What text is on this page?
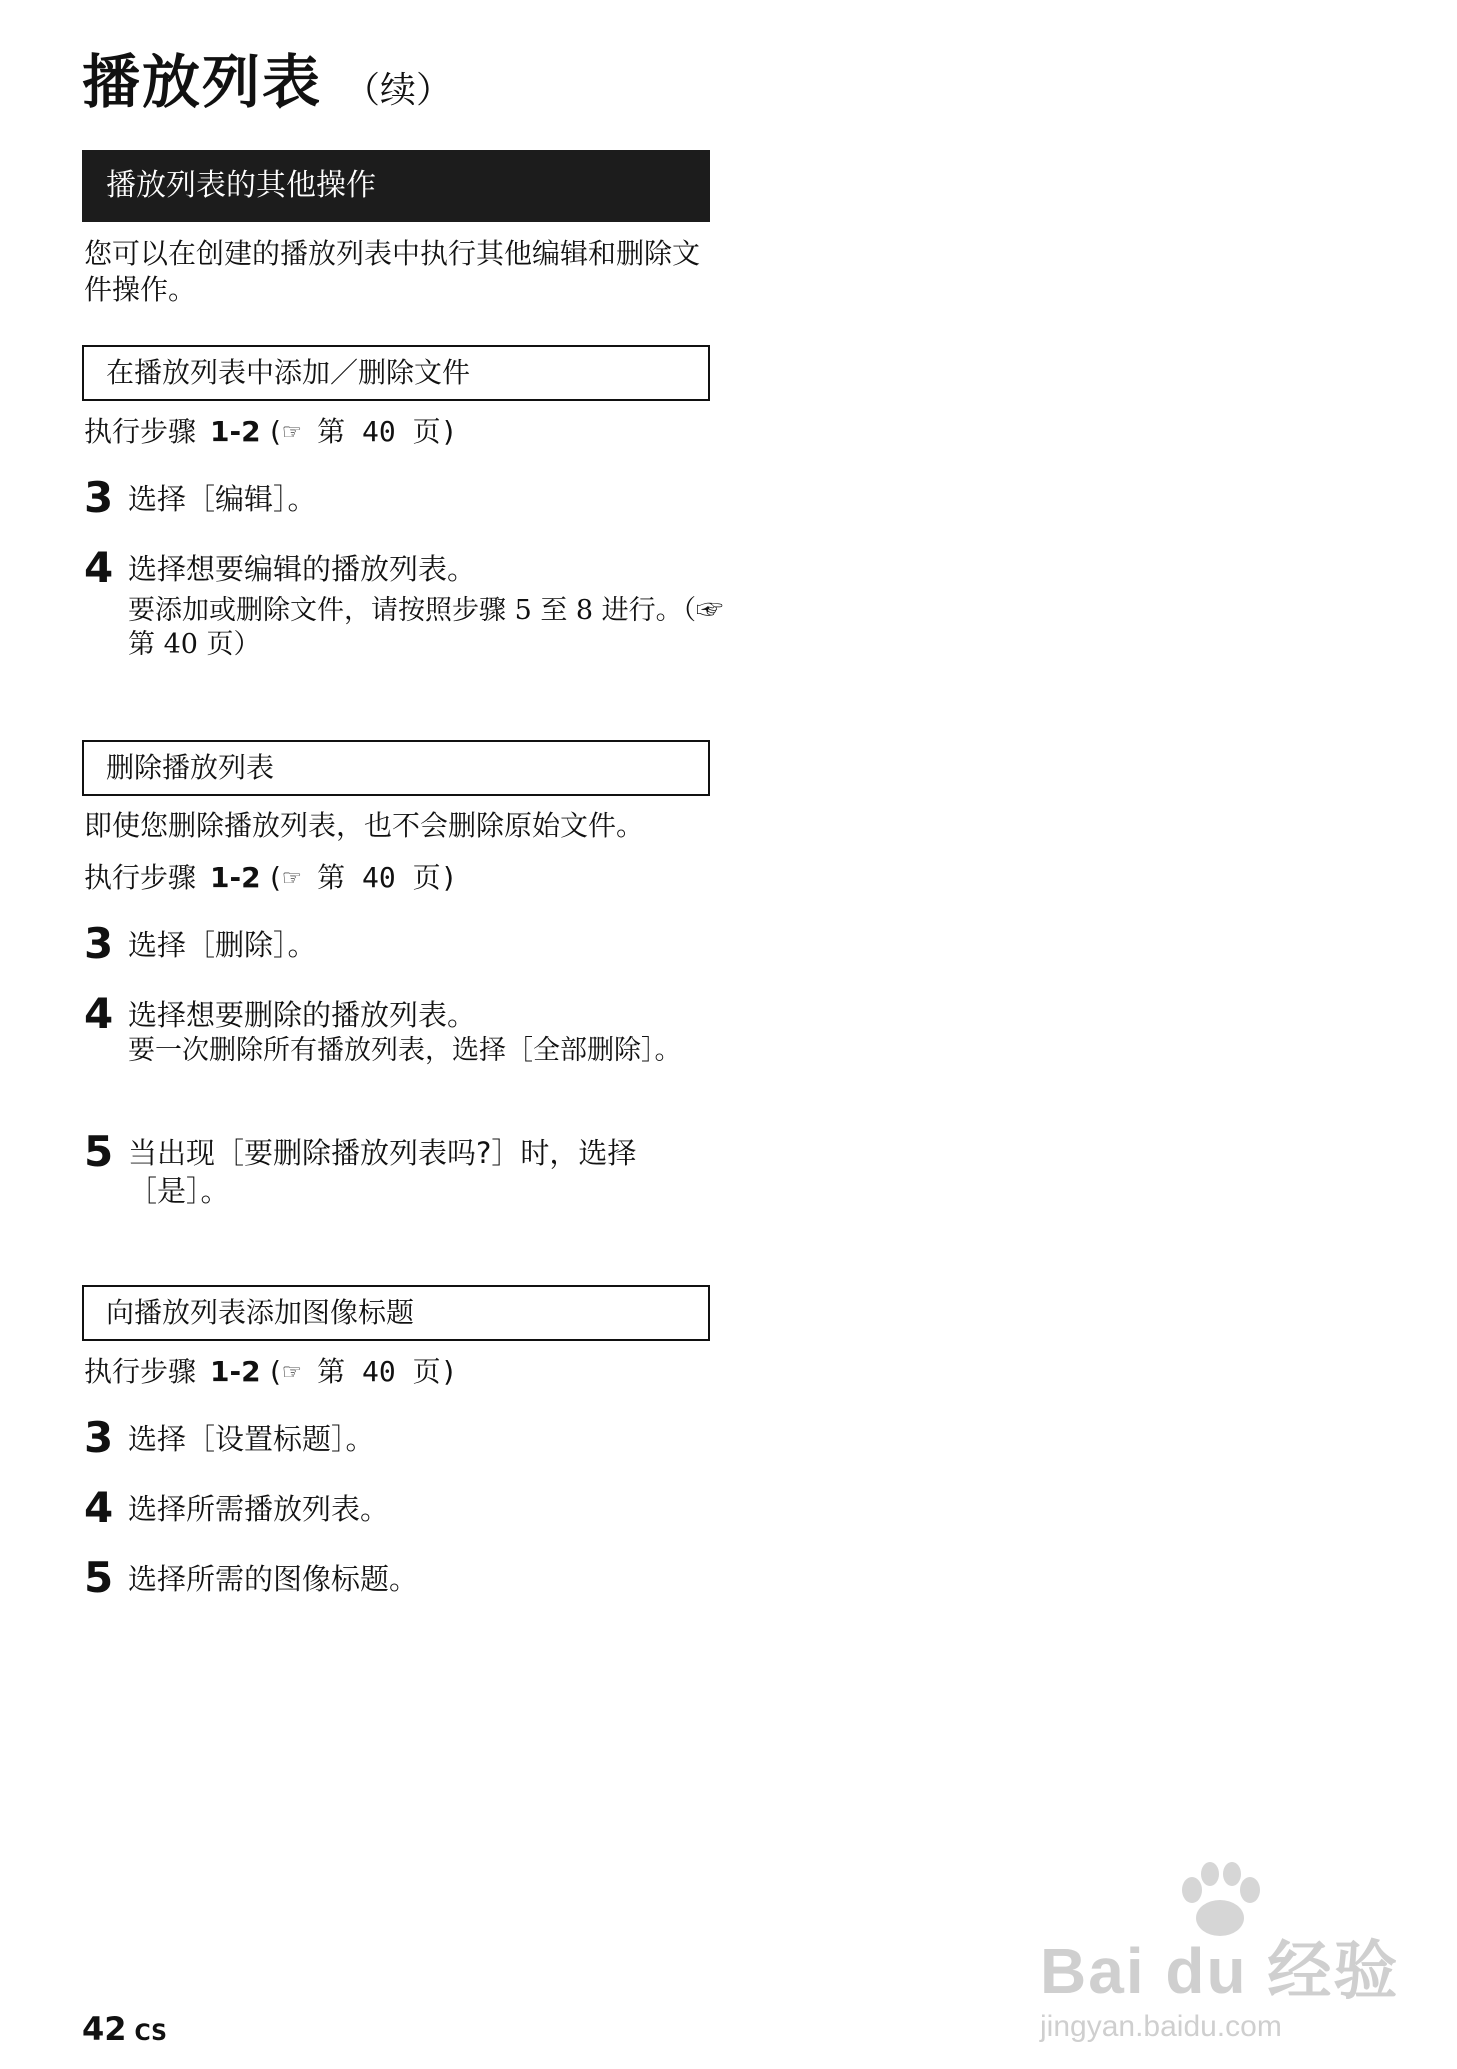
播放列表 （续）
播放列表的其他操作
您可以在创建的播放列表中执行其他编辑和删除文件操作。
在播放列表中添加／删除文件
执行步骤 1-2 (☞ 第 40 页)
3 选择［编辑］。
4 选择想要编辑的播放列表。
要添加或删除文件，请按照步骤 5 至 8 进行。（☞ 第 40 页）
删除播放列表
即使您删除播放列表，也不会删除原始文件。
执行步骤 1-2 (☞ 第 40 页)
3 选择［删除］。
4 选择想要删除的播放列表。
要一次删除所有播放列表，选择［全部删除］。
5 当出现［要删除播放列表吗?］时，选择［是］。
向播放列表添加图像标题
执行步骤 1-2 (☞ 第 40 页)
3 选择［设置标题］。
4 选择所需播放列表。
5 选择所需的图像标题。
42 CS
Bai du 经验
jingyan.baidu.com
